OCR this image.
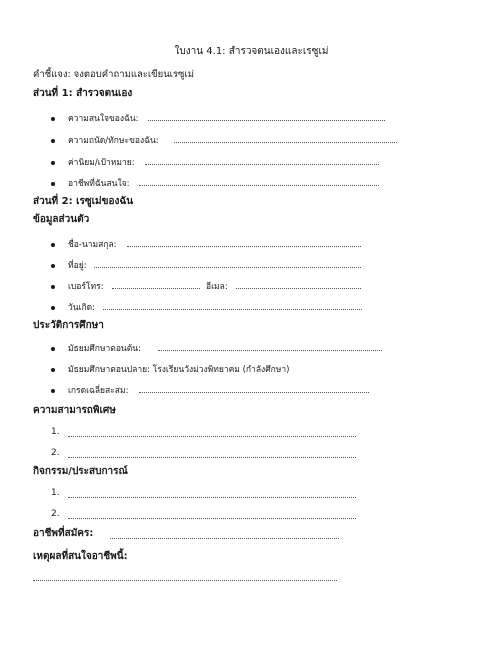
ใบงาน 4.1: สำรวจตนเองและเรซูเม่
คำชี้แจง: จงตอบคำถามและเขียนเรซูเม่
ส่วนที่ 1: สำรวจตนเอง
ความสนใจของฉัน:
ความถนัด/ทักษะของฉัน:
ค่านิยม/เป้าหมาย:
อาชีพที่ฉันสนใจ:
ส่วนที่ 2: เรซูเม่ของฉัน
ข้อมูลส่วนตัว
ชื่อ-นามสกุล:
ที่อยู่:
เบอร์โทร:	อีเมล:
วันเกิด:
ประวัติการศึกษา
มัธยมศึกษาตอนต้น:
มัธยมศึกษาตอนปลาย: โรงเรียนวังม่วงพิทยาคม (กำลังศึกษา)
เกรดเฉลี่ยสะสม:
ความสามารถพิเศษ
1.
2.
กิจกรรม/ประสบการณ์
1.
2.
อาชีพที่สมัคร:
เหตุผลที่สนใจอาชีพนี้:
